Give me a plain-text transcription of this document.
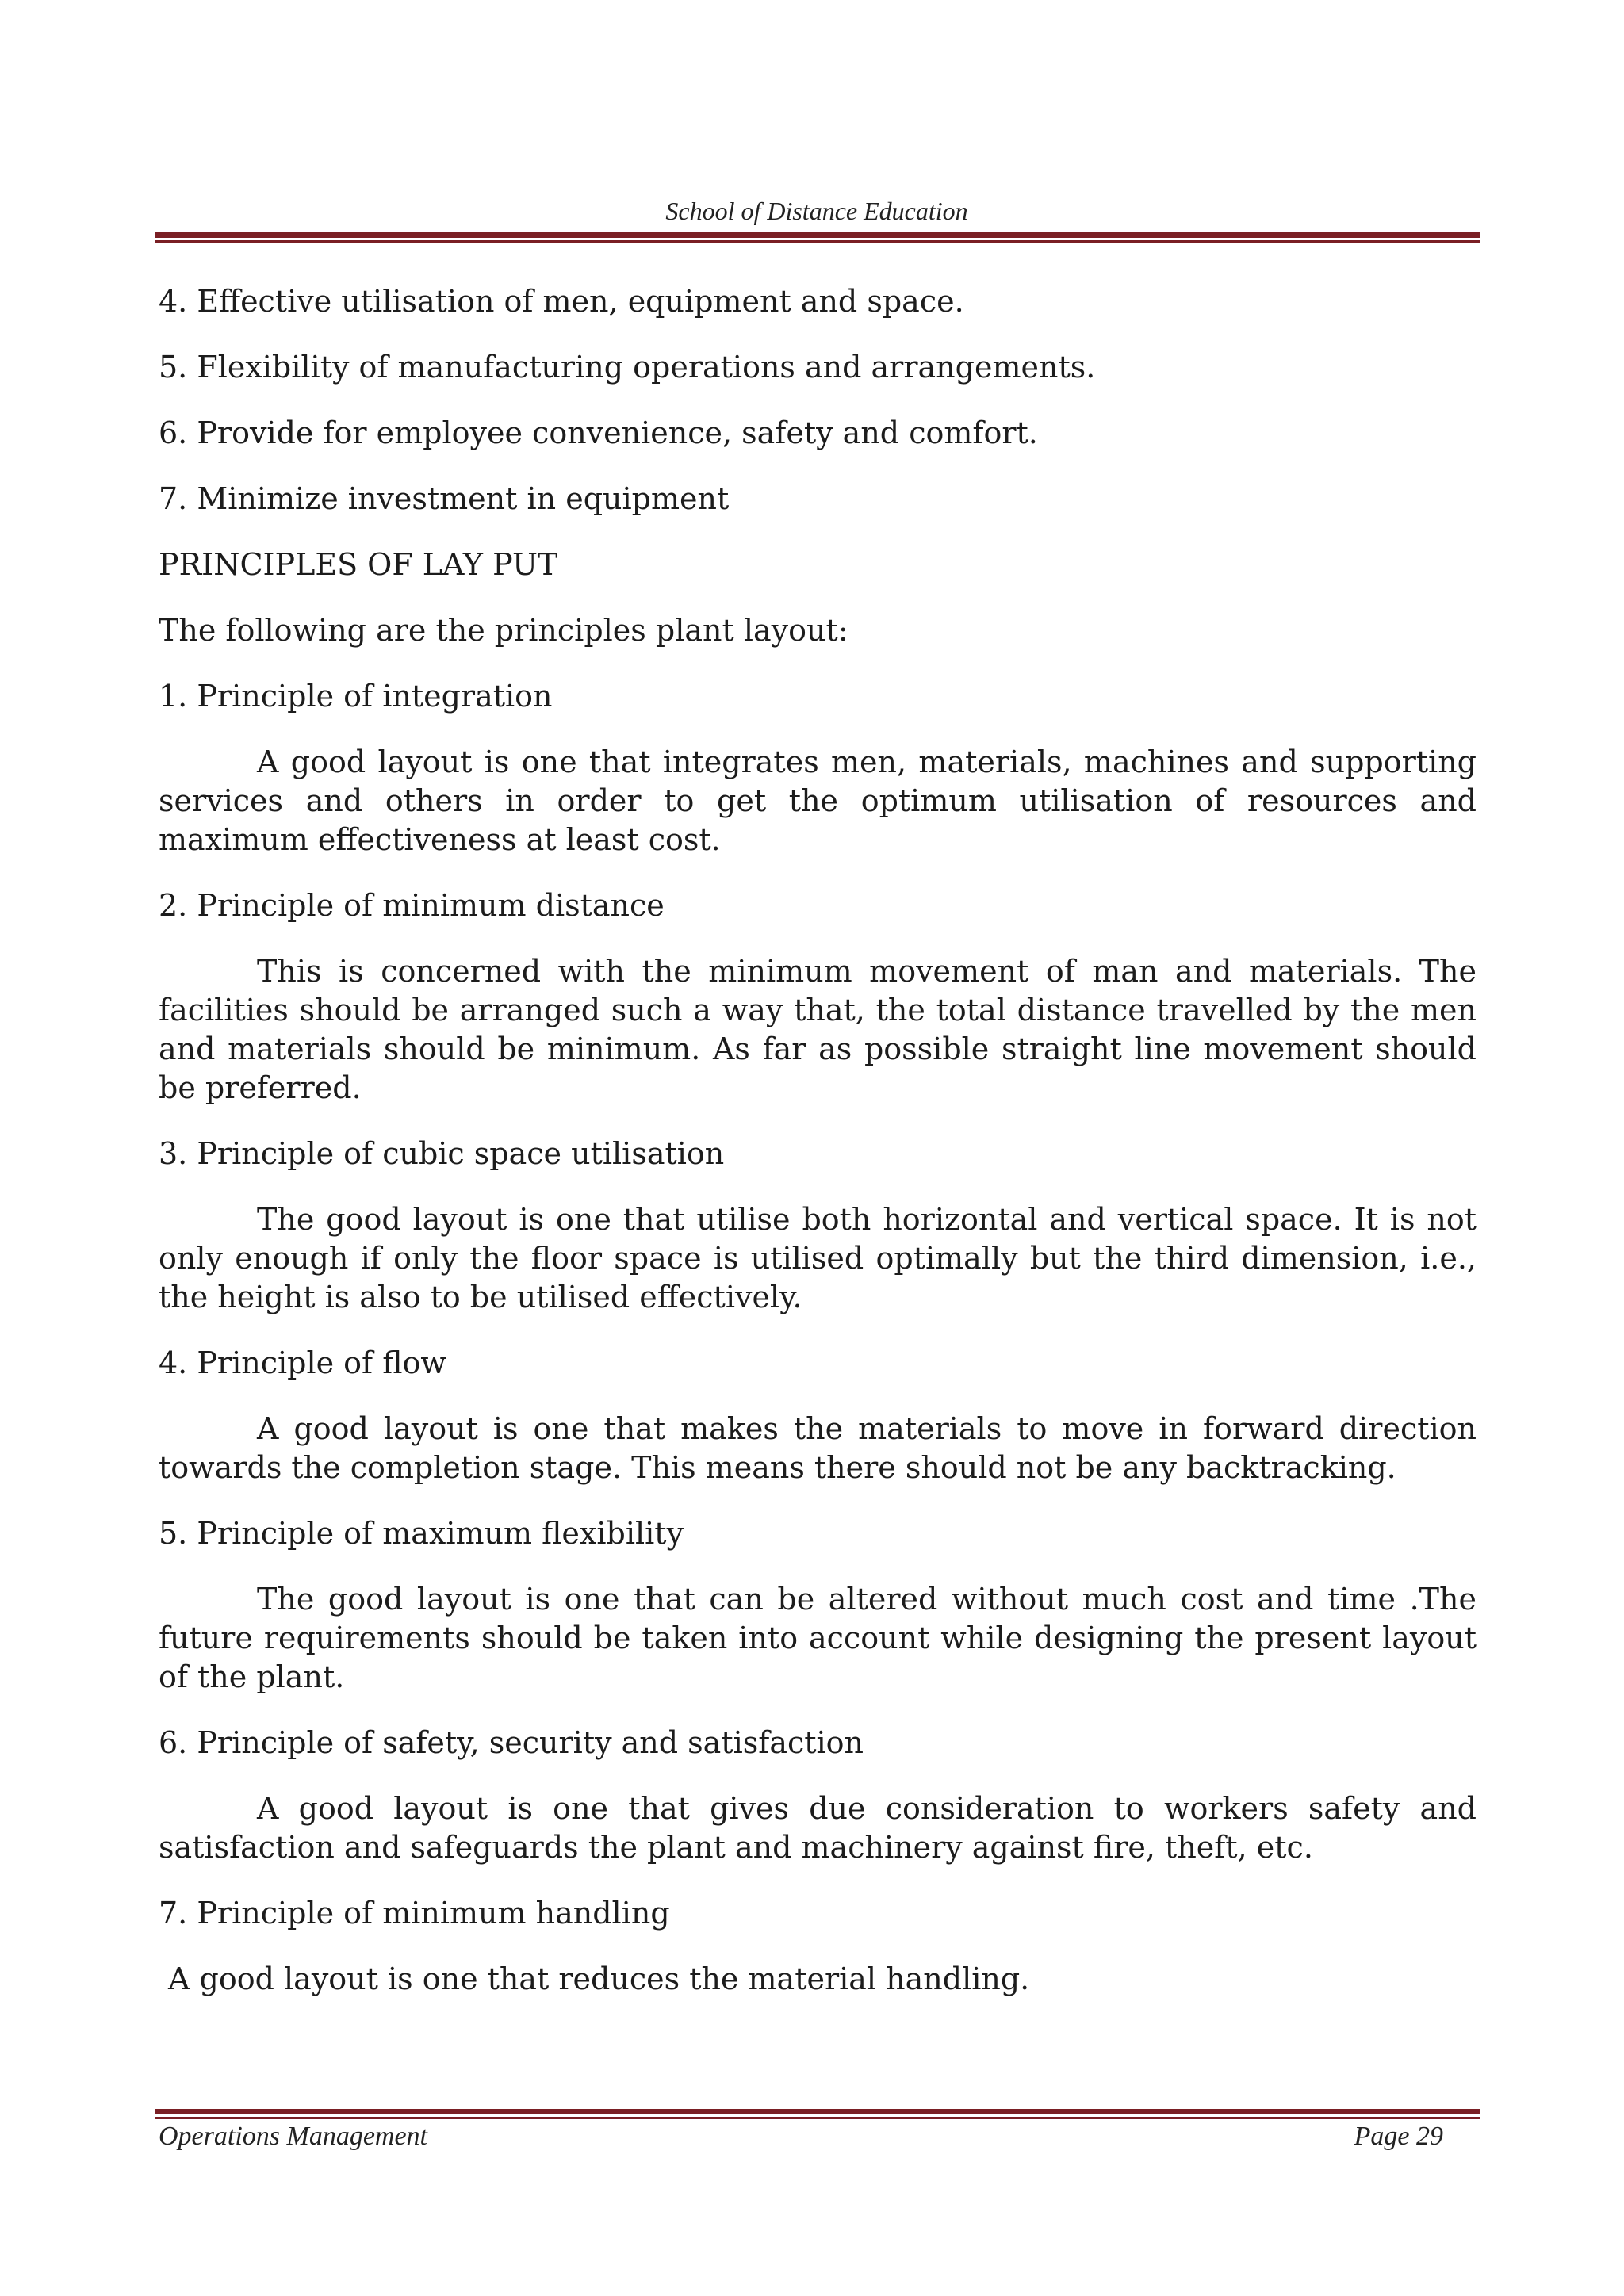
School of Distance Education

4. Effective utilisation of men, equipment and space.

5. Flexibility of manufacturing operations and arrangements.

6. Provide for employee convenience, safety and comfort.

7. Minimize investment in equipment

PRINCIPLES OF LAY PUT

The following are the principles plant layout:

1. Principle of integration

A good layout is one that integrates men, materials, machines and supporting services and others in order to get the optimum utilisation of resources and maximum effectiveness at least cost.

2. Principle of minimum distance

This is concerned with the minimum movement of man and materials. The facilities should be arranged such a way that, the total distance travelled by the men and materials should be minimum. As far as possible straight line movement should be preferred.

3. Principle of cubic space utilisation

The good layout is one that utilise both horizontal and vertical space. It is not only enough if only the floor space is utilised optimally but the third dimension, i.e., the height is also to be utilised effectively.

4. Principle of flow

A good layout is one that makes the materials to move in forward direction towards the completion stage. This means there should not be any backtracking.

5. Principle of maximum flexibility

The good layout is one that can be altered without much cost and time .The future requirements should be taken into account while designing the present layout of the plant.

6. Principle of safety, security and satisfaction

A good layout is one that gives due consideration to workers safety and satisfaction and safeguards the plant and machinery against fire, theft, etc.

7. Principle of minimum handling

A good layout is one that reduces the material handling.

Operations Management	Page 29
